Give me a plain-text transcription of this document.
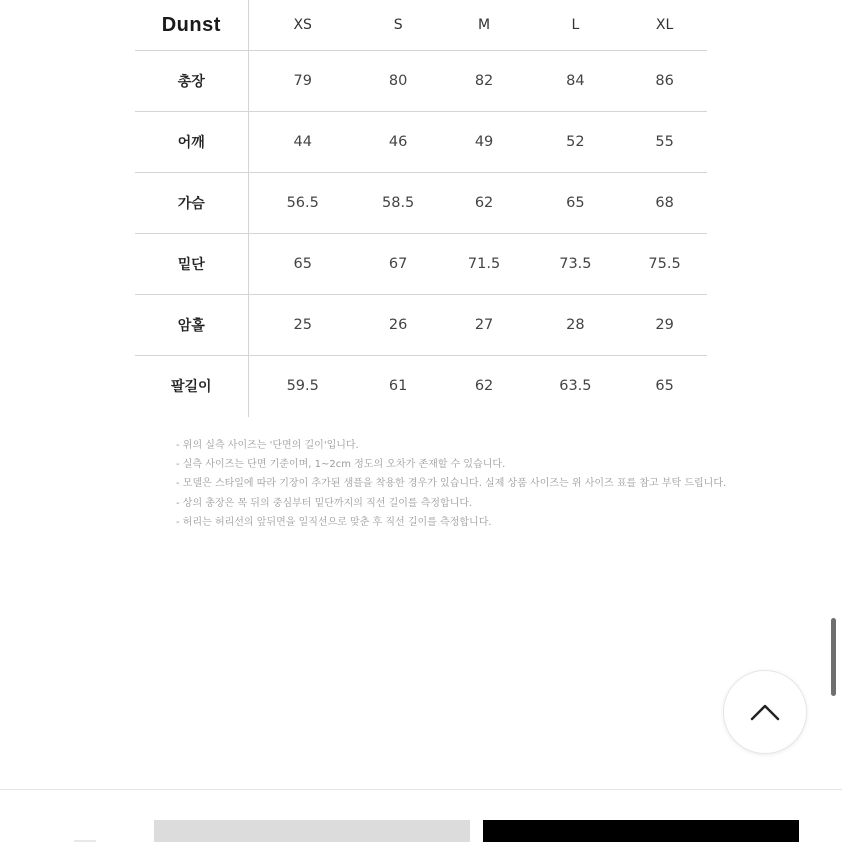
Dunst	XS	S	M	L	XL
총장	79	80	82	84	86
어깨	44	46	49	52	55
가슴	56.5	58.5	62	65	68
밑단	65	67	71.5	73.5	75.5
암홀	25	26	27	28	29
팔길이	59.5	61	62	63.5	65
- 위의 실측 사이즈는 '단면의 길이'입니다.
- 실측 사이즈는 단면 기준이며, 1~2cm 정도의 오차가 존재할 수 있습니다.
- 모델은 스타일에 따라 기장이 추가된 샘플을 착용한 경우가 있습니다. 실제 상품 사이즈는 위 사이즈 표를 참고 부탁 드립니다.
- 상의 총장은 목 뒤의 중심부터 밑단까지의 직선 길이를 측정합니다.
- 허리는 허리선의 앞뒤면을 일직선으로 맞춘 후 직선 길이를 측정합니다.
